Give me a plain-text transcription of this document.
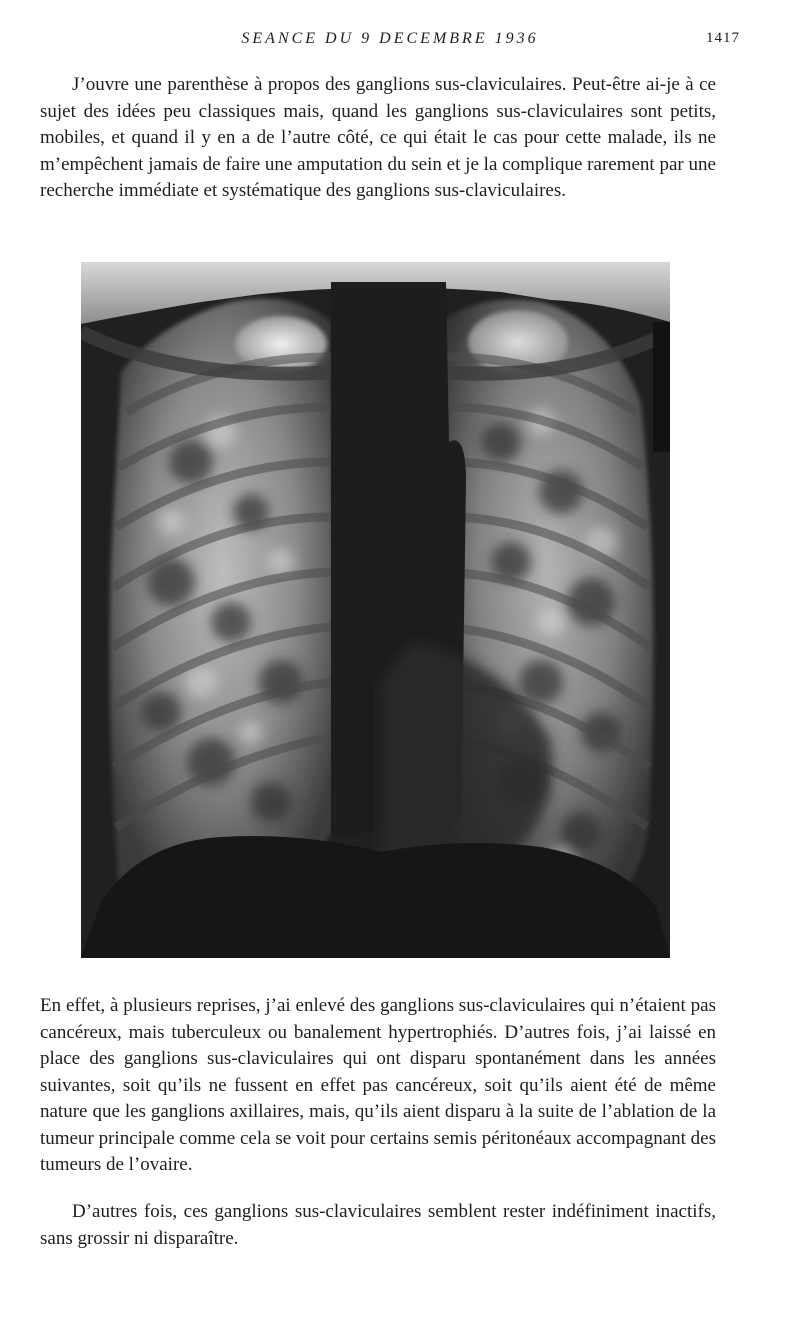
SEANCE DU 9 DECEMBRE 1936	1417

J’ouvre une parenthèse à propos des ganglions sus-claviculaires. Peut-être ai-je à ce sujet des idées peu classiques mais, quand les ganglions sus-claviculaires sont petits, mobiles, et quand il y en a de l’autre côté, ce qui était le cas pour cette malade, ils ne m’empêchent jamais de faire une amputation du sein et je la complique rarement par une recherche immédiate et systématique des ganglions sus-claviculaires.

En effet, à plusieurs reprises, j’ai enlevé des ganglions sus-claviculaires qui n’étaient pas cancéreux, mais tuberculeux ou banalement hypertrophiés. D’autres fois, j’ai laissé en place des ganglions sus-claviculaires qui ont disparu spontanément dans les années suivantes, soit qu’ils ne fussent en effet pas cancéreux, soit qu’ils aient été de même nature que les ganglions axillaires, mais, qu’ils aient disparu à la suite de l’ablation de la tumeur principale comme cela se voit pour certains semis péritonéaux accompagnant des tumeurs de l’ovaire.

D’autres fois, ces ganglions sus-claviculaires semblent rester indéfiniment inactifs, sans grossir ni disparaître.
